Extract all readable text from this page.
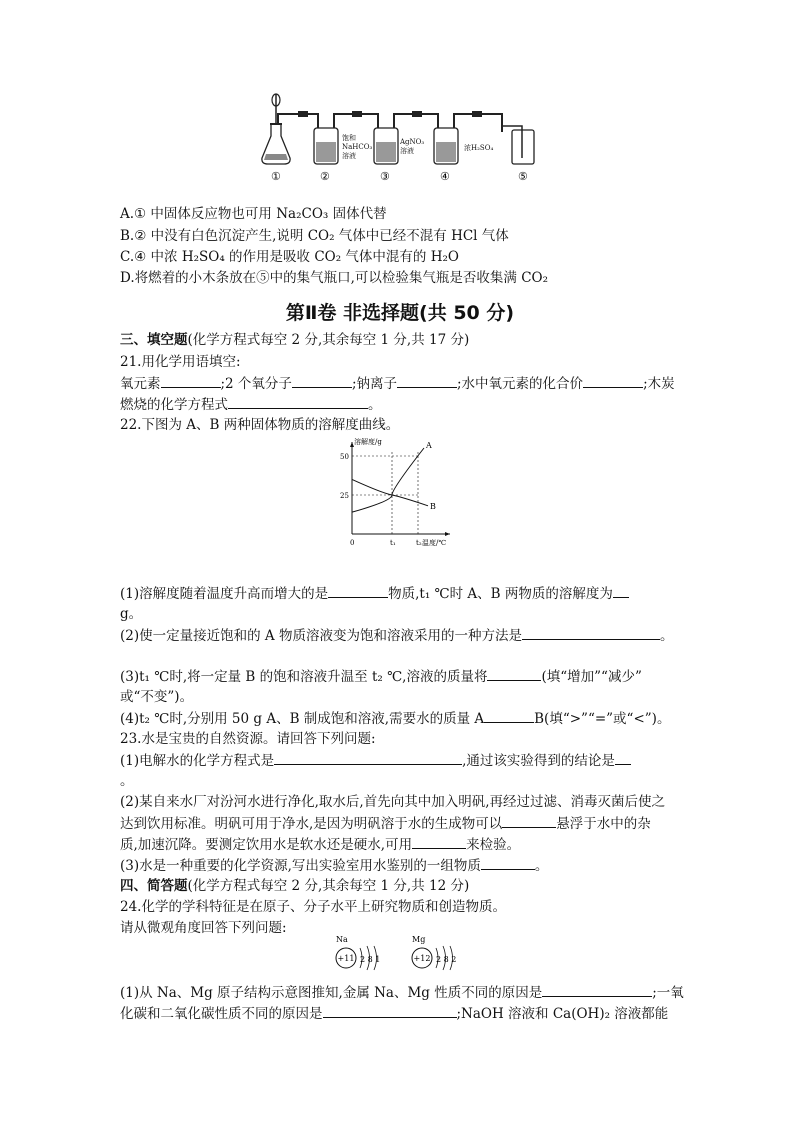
饱和
NaHCO₃
溶液
AgNO₃
溶液	浓H₂SO₄
①	②	③	④	⑤
A.① 中固体反应物也可用 Na₂CO₃ 固体代替
B.② 中没有白色沉淀产生,说明 CO₂ 气体中已经不混有 HCl 气体
C.④ 中浓 H₂SO₄ 的作用是吸收 CO₂ 气体中混有的 H₂O
D.将燃着的小木条放在⑤中的集气瓶口,可以检验集气瓶是否收集满 CO₂
第Ⅱ卷 非选择题(共 50 分)
三、填空题(化学方程式每空 2 分,其余每空 1 分,共 17 分)
21.用化学用语填空:
氧元素	;2 个氧分子	;钠离子	;水中氧元素的化合价	;木炭
燃烧的化学方程式	。
22.下图为 A、B 两种固体物质的溶解度曲线。
溶解度/g
温度/℃
25
50
0	t₁	t₂
A
B
(1)溶解度随着温度升高而增大的是	物质,t₁ ℃时 A、B 两物质的溶解度为
g。
(2)使一定量接近饱和的 A 物质溶液变为饱和溶液采用的一种方法是	。
(3)t₁ ℃时,将一定量 B 的饱和溶液升温至 t₂ ℃,溶液的质量将	(填“增加”“减少”
或“不变”)。
(4)t₂ ℃时,分别用 50 g A、B 制成饱和溶液,需要水的质量 A	B(填“>”“=”或“<”)。
23.水是宝贵的自然资源。请回答下列问题:
(1)电解水的化学方程式是	,通过该实验得到的结论是
。
(2)某自来水厂对汾河水进行净化,取水后,首先向其中加入明矾,再经过过滤、消毒灭菌后使之
达到饮用标准。明矾可用于净水,是因为明矾溶于水的生成物可以	悬浮于水中的杂
质,加速沉降。要测定饮用水是软水还是硬水,可用	来检验。
(3)水是一种重要的化学资源,写出实验室用水鉴别的一组物质	。
四、简答题(化学方程式每空 2 分,其余每空 1 分,共 12 分)
24.化学的学科特征是在原子、分子水平上研究物质和创造物质。
请从微观角度回答下列问题:
Na
+11 2 8 1
Mg
+12 2 8 2
(1)从 Na、Mg 原子结构示意图推知,金属 Na、Mg 性质不同的原因是	;一氧
化碳和二氧化碳性质不同的原因是	;NaOH 溶液和 Ca(OH)₂ 溶液都能
